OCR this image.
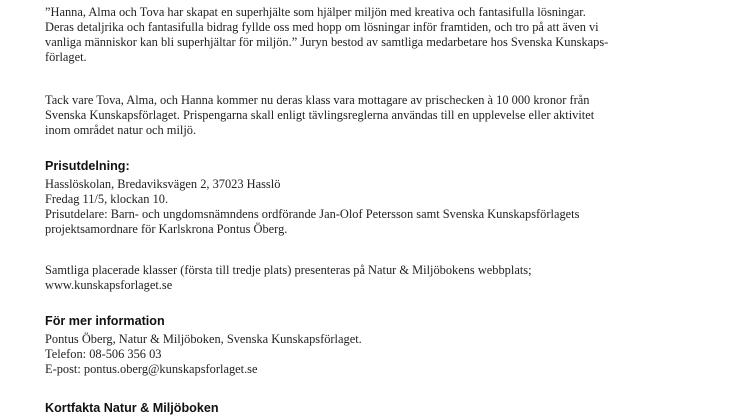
”Hanna, Alma och Tova har skapat en superhjälte som hjälper miljön med kreativa och fantasifulla lösningar.
Deras detaljrika och fantasifulla bidrag fyllde oss med hopp om lösningar inför framtiden, och tro på att även vi
vanliga människor kan bli superhjältar för miljön.” Juryn bestod av samtliga medarbetare hos Svenska Kunskaps-
förlaget.
Tack vare Tova, Alma, och Hanna kommer nu deras klass vara mottagare av prischecken à 10 000 kronor från
Svenska Kunskapsförlaget. Prispengarna skall enligt tävlingsreglerna användas till en upplevelse eller aktivitet
inom området natur och miljö.
Prisutdelning:
Hasslöskolan, Bredaviksvägen 2, 37023 Hasslö
Fredag 11/5, klockan 10.
Prisutdelare: Barn- och ungdomsnämndens ordförande Jan-Olof Petersson samt Svenska Kunskapsförlagets
projektsamordnare för Karlskrona Pontus Öberg.
Samtliga placerade klasser (första till tredje plats) presenteras på Natur & Miljöbokens webbplats;
www.kunskapsforlaget.se
För mer information
Pontus Öberg, Natur & Miljöboken, Svenska Kunskapsförlaget.
Telefon: 08-506 356 03
E-post: pontus.oberg@kunskapsforlaget.se
Kortfakta Natur & Miljöboken
